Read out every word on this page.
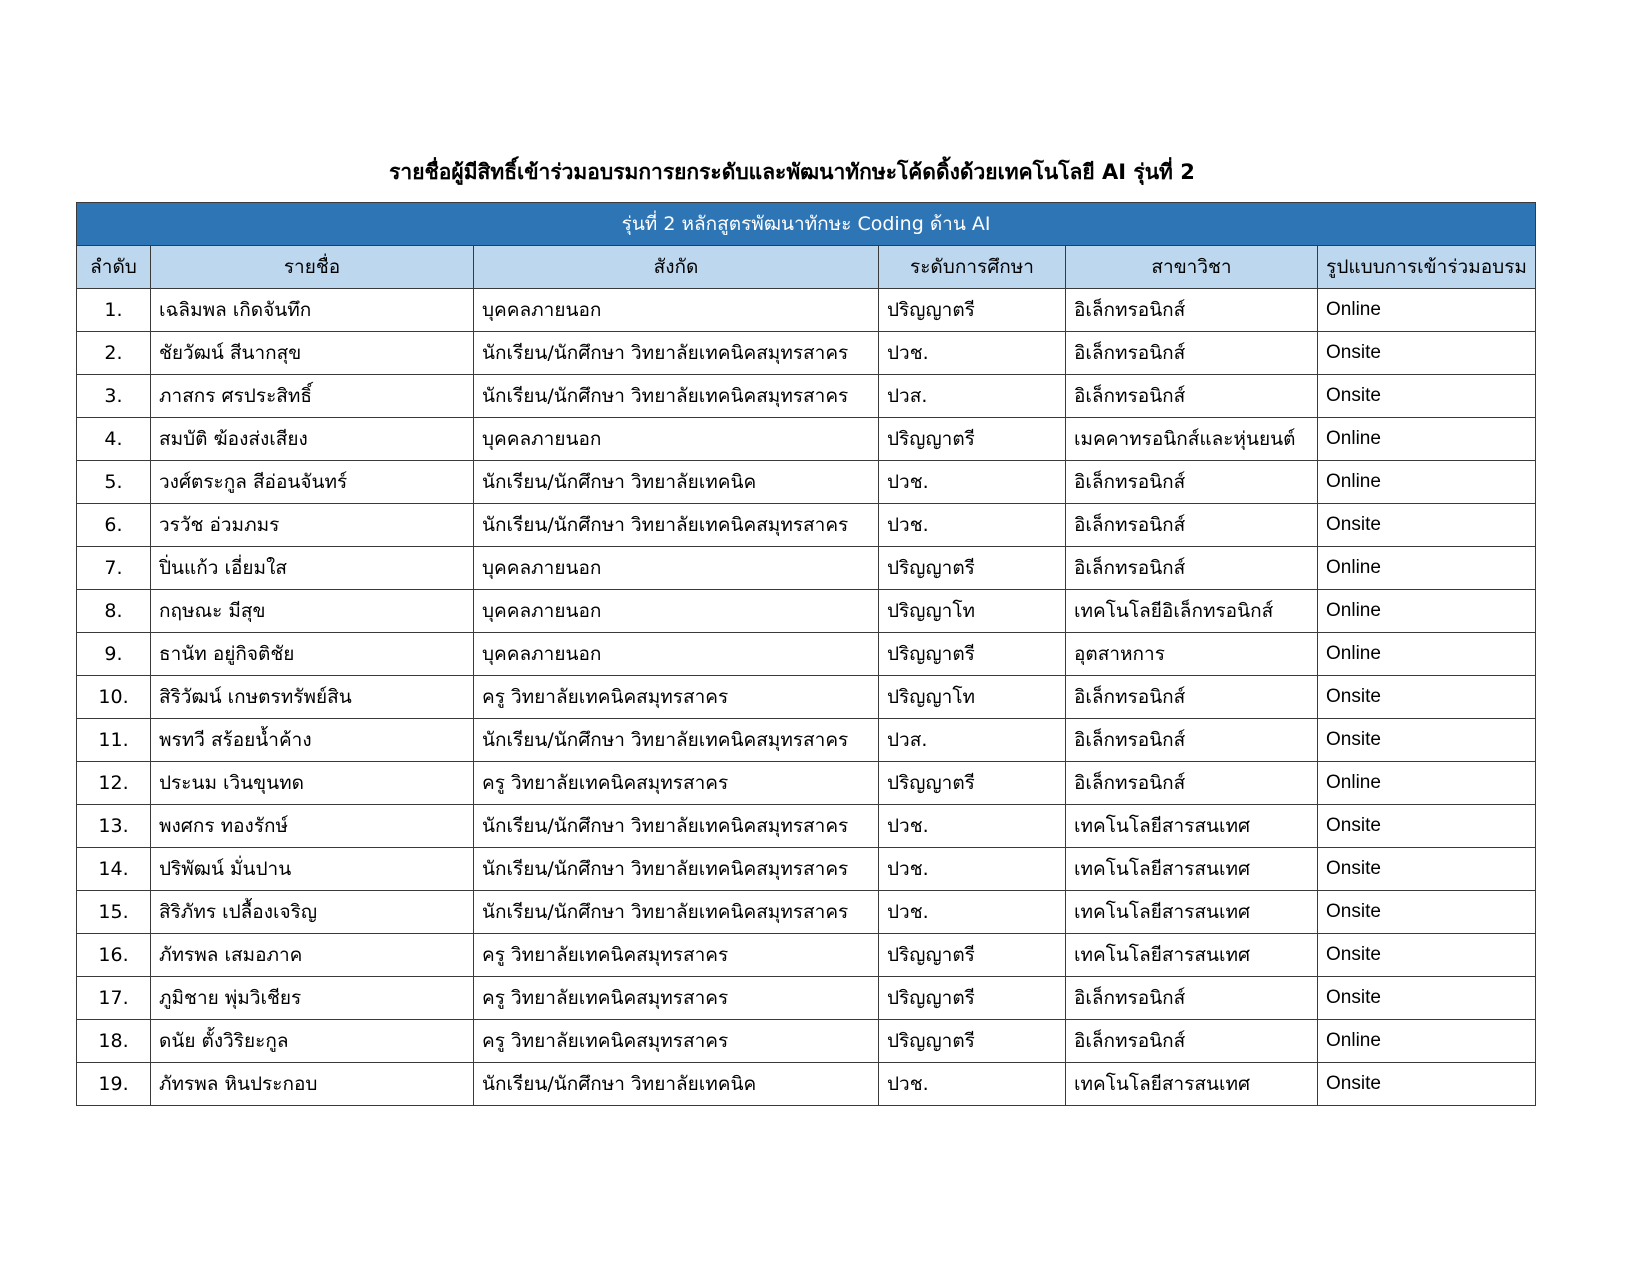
รายชื่อผู้มีสิทธิ์เข้าร่วมอบรมการยกระดับและพัฒนาทักษะโค้ดดิ้งด้วยเทคโนโลยี AI รุ่นที่ 2
รุ่นที่ 2 หลักสูตรพัฒนาทักษะ Coding ด้าน AI					
ลำดับ	รายชื่อ	สังกัด	ระดับการศึกษา	สาขาวิชา	รูปแบบการเข้าร่วมอบรม
1.	เฉลิมพล เกิดจันทึก	บุคคลภายนอก	ปริญญาตรี	อิเล็กทรอนิกส์	Online
2.	ชัยวัฒน์ สีนากสุข	นักเรียน/นักศึกษา วิทยาลัยเทคนิคสมุทรสาคร	ปวช.	อิเล็กทรอนิกส์	Onsite
3.	ภาสกร ศรประสิทธิ์	นักเรียน/นักศึกษา วิทยาลัยเทคนิคสมุทรสาคร	ปวส.	อิเล็กทรอนิกส์	Onsite
4.	สมบัติ ฆ้องส่งเสียง	บุคคลภายนอก	ปริญญาตรี	เมคคาทรอนิกส์และหุ่นยนต์	Online
5.	วงศ์ตระกูล สีอ่อนจันทร์	นักเรียน/นักศึกษา วิทยาลัยเทคนิค	ปวช.	อิเล็กทรอนิกส์	Online
6.	วรวัช อ่วมภมร	นักเรียน/นักศึกษา วิทยาลัยเทคนิคสมุทรสาคร	ปวช.	อิเล็กทรอนิกส์	Onsite
7.	ปิ่นแก้ว เอี่ยมใส	บุคคลภายนอก	ปริญญาตรี	อิเล็กทรอนิกส์	Online
8.	กฤษณะ มีสุข	บุคคลภายนอก	ปริญญาโท	เทคโนโลยีอิเล็กทรอนิกส์	Online
9.	ธานัท อยู่กิจติชัย	บุคคลภายนอก	ปริญญาตรี	อุตสาหการ	Online
10.	สิริวัฒน์ เกษตรทรัพย์สิน	ครู วิทยาลัยเทคนิคสมุทรสาคร	ปริญญาโท	อิเล็กทรอนิกส์	Onsite
11.	พรทวี สร้อยน้ำค้าง	นักเรียน/นักศึกษา วิทยาลัยเทคนิคสมุทรสาคร	ปวส.	อิเล็กทรอนิกส์	Onsite
12.	ประนม เวินขุนทด	ครู วิทยาลัยเทคนิคสมุทรสาคร	ปริญญาตรี	อิเล็กทรอนิกส์	Online
13.	พงศกร ทองรักษ์	นักเรียน/นักศึกษา วิทยาลัยเทคนิคสมุทรสาคร	ปวช.	เทคโนโลยีสารสนเทศ	Onsite
14.	ปริพัฒน์ มั่นปาน	นักเรียน/นักศึกษา วิทยาลัยเทคนิคสมุทรสาคร	ปวช.	เทคโนโลยีสารสนเทศ	Onsite
15.	สิริภัทร เปลื้องเจริญ	นักเรียน/นักศึกษา วิทยาลัยเทคนิคสมุทรสาคร	ปวช.	เทคโนโลยีสารสนเทศ	Onsite
16.	ภัทรพล เสมอภาค	ครู วิทยาลัยเทคนิคสมุทรสาคร	ปริญญาตรี	เทคโนโลยีสารสนเทศ	Onsite
17.	ภูมิชาย พุ่มวิเชียร	ครู วิทยาลัยเทคนิคสมุทรสาคร	ปริญญาตรี	อิเล็กทรอนิกส์	Onsite
18.	ดนัย ตั้งวิริยะกูล	ครู วิทยาลัยเทคนิคสมุทรสาคร	ปริญญาตรี	อิเล็กทรอนิกส์	Online
19.	ภัทรพล หินประกอบ	นักเรียน/นักศึกษา วิทยาลัยเทคนิค	ปวช.	เทคโนโลยีสารสนเทศ	Onsite
